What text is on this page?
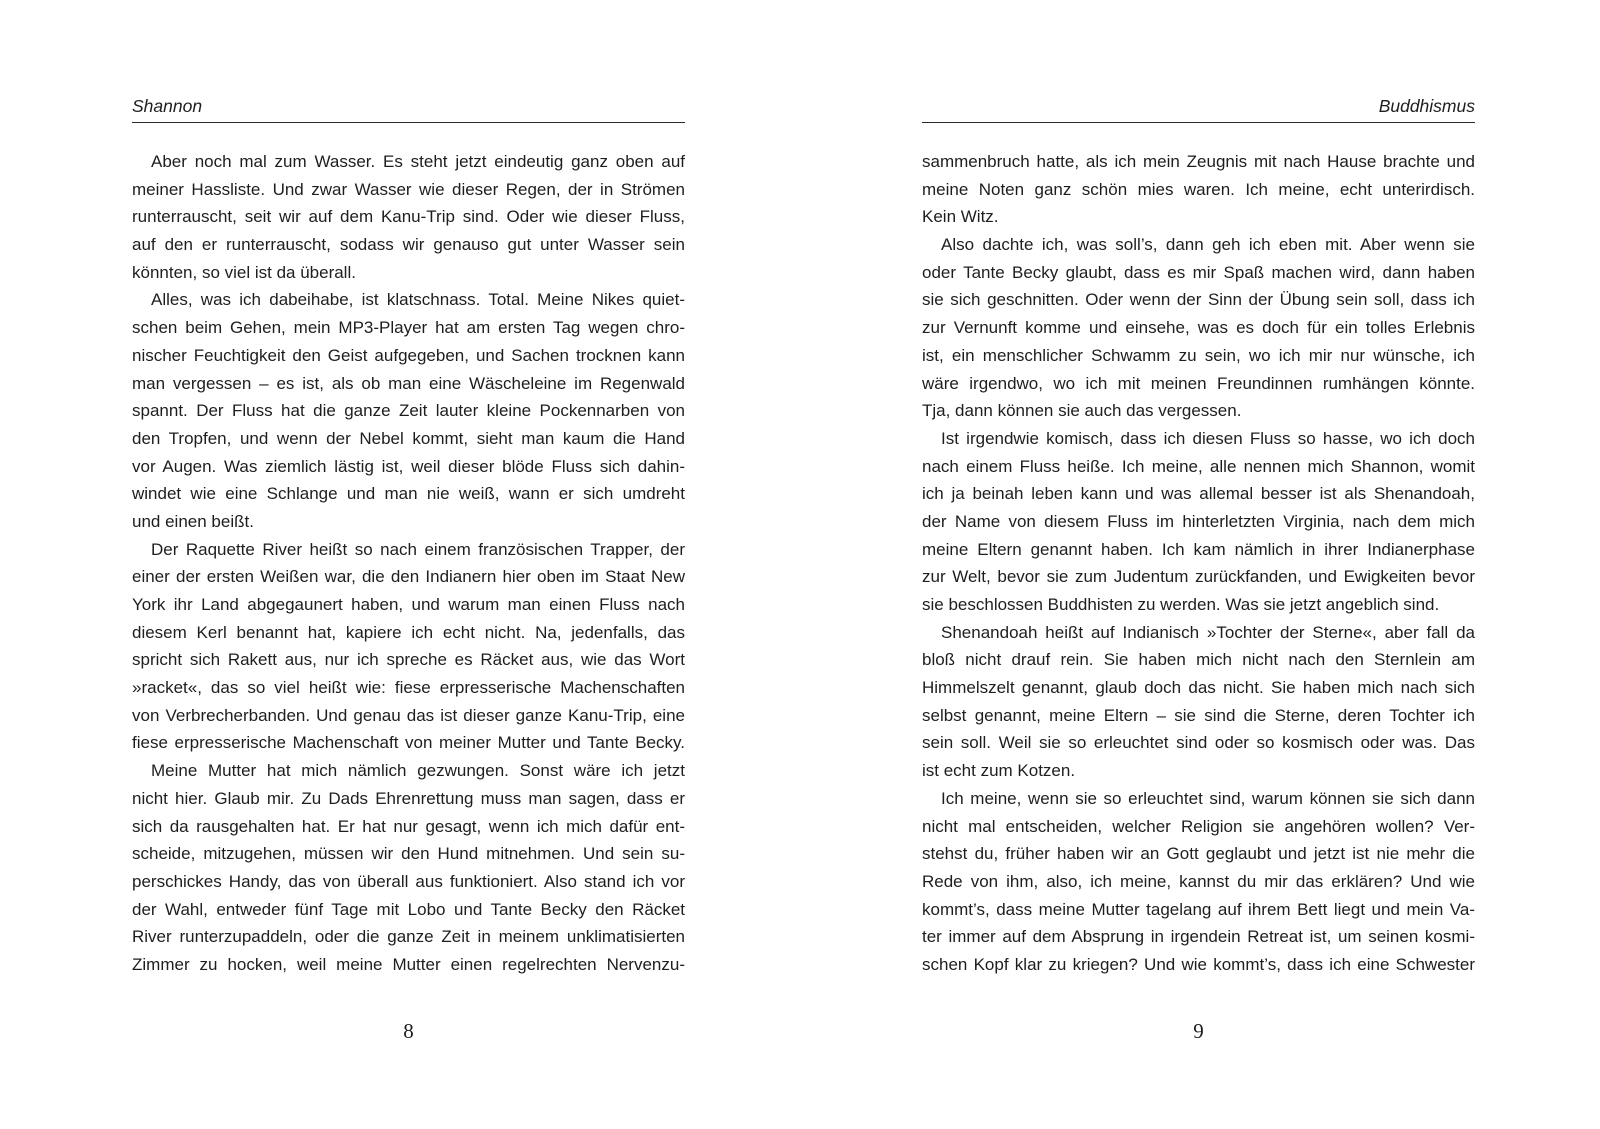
Shannon
Aber noch mal zum Wasser. Es steht jetzt eindeutig ganz oben auf
meiner Hassliste. Und zwar Wasser wie dieser Regen, der in Strömen
runterrauscht, seit wir auf dem Kanu-Trip sind. Oder wie dieser Fluss,
auf den er runterrauscht, sodass wir genauso gut unter Wasser sein
könnten, so viel ist da überall.
Alles, was ich dabeihabe, ist klatschnass. Total. Meine Nikes quiet-
schen beim Gehen, mein MP3-Player hat am ersten Tag wegen chro-
nischer Feuchtigkeit den Geist aufgegeben, und Sachen trocknen kann
man vergessen – es ist, als ob man eine Wäscheleine im Regenwald
spannt. Der Fluss hat die ganze Zeit lauter kleine Pockennarben von
den Tropfen, und wenn der Nebel kommt, sieht man kaum die Hand
vor Augen. Was ziemlich lästig ist, weil dieser blöde Fluss sich dahin-
windet wie eine Schlange und man nie weiß, wann er sich umdreht
und einen beißt.
Der Raquette River heißt so nach einem französischen Trapper, der
einer der ersten Weißen war, die den Indianern hier oben im Staat New
York ihr Land abgegaunert haben, und warum man einen Fluss nach
diesem Kerl benannt hat, kapiere ich echt nicht. Na, jedenfalls, das
spricht sich Rakett aus, nur ich spreche es Räcket aus, wie das Wort
»racket«, das so viel heißt wie: fiese erpresserische Machenschaften
von Verbrecherbanden. Und genau das ist dieser ganze Kanu-Trip, eine
fiese erpresserische Machenschaft von meiner Mutter und Tante Becky.
Meine Mutter hat mich nämlich gezwungen. Sonst wäre ich jetzt
nicht hier. Glaub mir. Zu Dads Ehrenrettung muss man sagen, dass er
sich da rausgehalten hat. Er hat nur gesagt, wenn ich mich dafür ent-
scheide, mitzugehen, müssen wir den Hund mitnehmen. Und sein su-
perschickes Handy, das von überall aus funktioniert. Also stand ich vor
der Wahl, entweder fünf Tage mit Lobo und Tante Becky den Räcket
River runterzupaddeln, oder die ganze Zeit in meinem unklimatisierten
Zimmer zu hocken, weil meine Mutter einen regelrechten Nervenzu-
8
Buddhismus
sammenbruch hatte, als ich mein Zeugnis mit nach Hause brachte und
meine Noten ganz schön mies waren. Ich meine, echt unterirdisch.
Kein Witz.
Also dachte ich, was soll’s, dann geh ich eben mit. Aber wenn sie
oder Tante Becky glaubt, dass es mir Spaß machen wird, dann haben
sie sich geschnitten. Oder wenn der Sinn der Übung sein soll, dass ich
zur Vernunft komme und einsehe, was es doch für ein tolles Erlebnis
ist, ein menschlicher Schwamm zu sein, wo ich mir nur wünsche, ich
wäre irgendwo, wo ich mit meinen Freundinnen rumhängen könnte.
Tja, dann können sie auch das vergessen.
Ist irgendwie komisch, dass ich diesen Fluss so hasse, wo ich doch
nach einem Fluss heiße. Ich meine, alle nennen mich Shannon, womit
ich ja beinah leben kann und was allemal besser ist als Shenandoah,
der Name von diesem Fluss im hinterletzten Virginia, nach dem mich
meine Eltern genannt haben. Ich kam nämlich in ihrer Indianerphase
zur Welt, bevor sie zum Judentum zurückfanden, und Ewigkeiten bevor
sie beschlossen Buddhisten zu werden. Was sie jetzt angeblich sind.
Shenandoah heißt auf Indianisch »Tochter der Sterne«, aber fall da
bloß nicht drauf rein. Sie haben mich nicht nach den Sternlein am
Himmelszelt genannt, glaub doch das nicht. Sie haben mich nach sich
selbst genannt, meine Eltern – sie sind die Sterne, deren Tochter ich
sein soll. Weil sie so erleuchtet sind oder so kosmisch oder was. Das
ist echt zum Kotzen.
Ich meine, wenn sie so erleuchtet sind, warum können sie sich dann
nicht mal entscheiden, welcher Religion sie angehören wollen? Ver-
stehst du, früher haben wir an Gott geglaubt und jetzt ist nie mehr die
Rede von ihm, also, ich meine, kannst du mir das erklären? Und wie
kommt’s, dass meine Mutter tagelang auf ihrem Bett liegt und mein Va-
ter immer auf dem Absprung in irgendein Retreat ist, um seinen kosmi-
schen Kopf klar zu kriegen? Und wie kommt’s, dass ich eine Schwester
9
